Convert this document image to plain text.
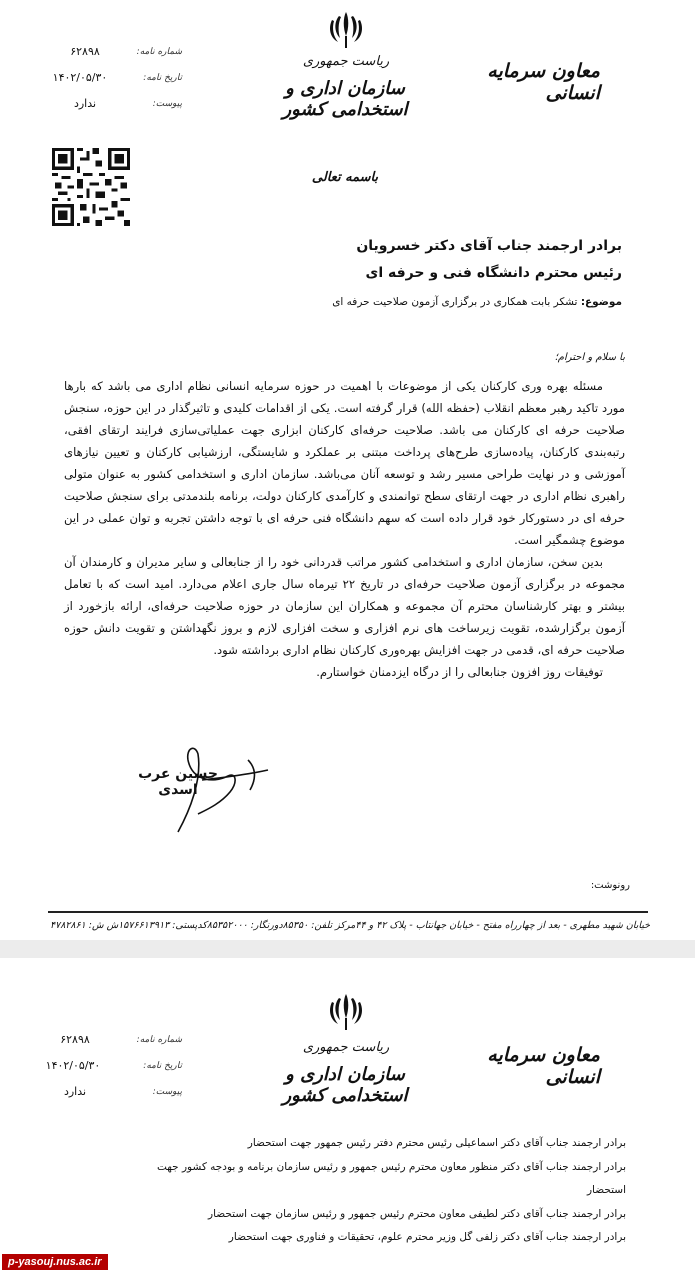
ریاست جمهوری
سازمان اداری و استخدامی کشور
معاون سرمایه انسانی
شماره نامه:
۶۲۸۹۸
تاریخ نامه:
۱۴۰۲/۰۵/۳۰
پیوست:
ندارد
باسمه تعالی
برادر ارجمند جناب آقای دکتر خسرویان
رئیس محترم دانشگاه فنی و حرفه ای
موضوع: تشکر بابت همکاری در برگزاری آزمون صلاحیت حرفه ای
با سلام و احترام؛

مسئله بهره وری کارکنان یکی از موضوعات با اهمیت در حوزه سرمایه انسانی نظام اداری می باشد که بارها مورد تاکید رهبر معظم انقلاب (حفظه الله) قرار گرفته است. یکی از اقدامات کلیدی و تاثیرگذار در این حوزه، سنجش صلاحیت حرفه ای کارکنان می باشد. صلاحیت حرفه‌ای کارکنان ابزاری جهت عملیاتی‌سازی فرایند ارتقای افقی، رتبه‌بندی کارکنان، پیاده‌سازی طرح‌های پرداخت مبتنی بر عملکرد و شایستگی، ارزشیابی کارکنان و تعیین نیازهای آموزشی و در نهایت طراحی مسیر رشد و توسعه آنان می‌باشد. سازمان اداری و استخدامی کشور به عنوان متولی راهبری نظام اداری در جهت ارتقای سطح توانمندی و کارآمدی کارکنان دولت، برنامه بلندمدتی برای سنجش صلاحیت حرفه ای در دستورکار خود قرار داده است که سهم دانشگاه فنی حرفه ای با توجه داشتن تجربه و توان عملی در این موضوع چشمگیر است.

بدین سخن، سازمان اداری و استخدامی کشور مراتب قدردانی خود را از جنابعالی و سایر مدیران و کارمندان آن مجموعه در برگزاری آزمون صلاحیت حرفه‌ای در تاریخ ۲۲ تیرماه سال جاری اعلام می‌دارد. امید است که با تعامل بیشتر و بهتر کارشناسان محترم آن مجموعه و همکاران این سازمان در حوزه صلاحیت حرفه‌ای، ارائه بازخورد از آزمون برگزارشده، تقویت زیرساخت های نرم افزاری و سخت افزاری لازم و بروز نگهداشتن و تقویت دانش حوزه صلاحیت حرفه ای، قدمی در جهت افزایش بهره‌وری کارکنان نظام اداری برداشته شود.

توفیقات روز افزون جنابعالی را از درگاه ایزدمنان خواستارم.

حسین عرب اسدی
رونوشت:
خیابان شهید مطهری - بعد از چهارراه مفتح - خیابان جهانتاب - پلاک ۴۲ و ۴۴
مرکز تلفن: ۸۵۳۵۰
دورنگار: ۸۵۳۵۲۰۰۰
کدپستی: ۱۵۷۶۶۱۳۹۱۳
ش ش: ۴۷۸۲۸۶۱
ریاست جمهوری
سازمان اداری و استخدامی کشور
معاون سرمایه انسانی
شماره نامه:
۶۲۸۹۸
تاریخ نامه:
۱۴۰۲/۰۵/۳۰
پیوست:
ندارد
برادر ارجمند جناب آقای دکتر اسماعیلی رئیس محترم دفتر رئیس جمهور جهت استحضار
برادر ارجمند جناب آقای دکتر منظور معاون محترم رئیس جمهور و رئیس سازمان برنامه و بودجه کشور جهت استحضار
برادر ارجمند جناب آقای دکتر لطیفی معاون محترم رئیس جمهور و رئیس سازمان جهت استحضار
برادر ارجمند جناب آقای دکتر زلفی گل وزیر محترم علوم، تحقیقات و فناوری جهت استحضار
p-yasouj.nus.ac.ir
